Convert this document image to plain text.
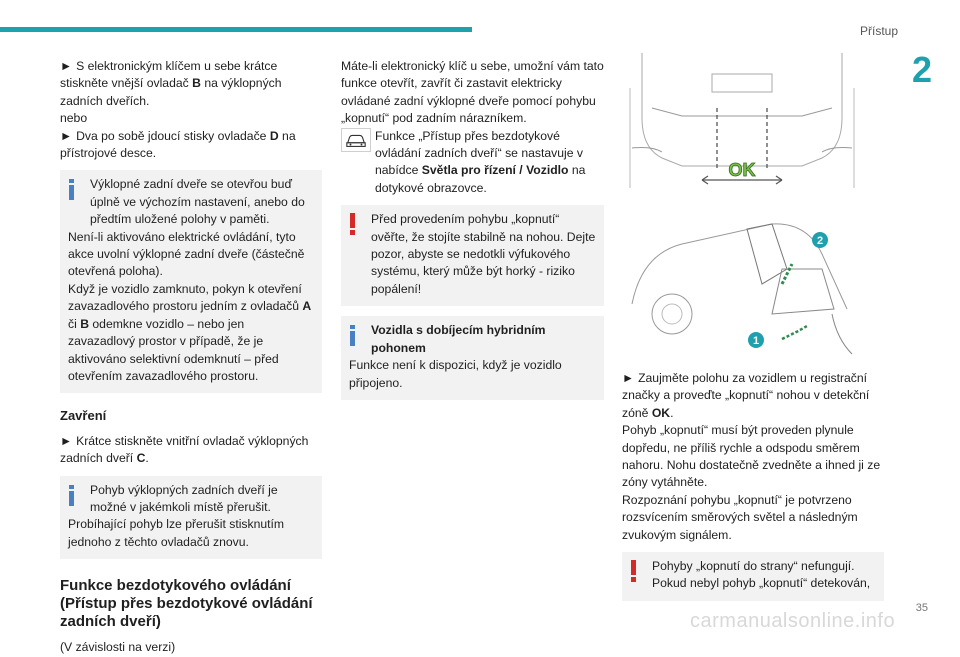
Přístup
2
► S elektronickým klíčem u sebe krátce stiskněte vnější ovladač B na výklopných zadních dveřích.
nebo
► Dva po sobě jdoucí stisky ovladače D na přístrojové desce.
Výklopné zadní dveře se otevřou buď úplně ve výchozím nastavení, anebo do předtím uložené polohy v paměti.
Není-li aktivováno elektrické ovládání, tyto akce uvolní výklopné zadní dveře (částečně otevřená poloha).
Když je vozidlo zamknuto, pokyn k otevření zavazadlového prostoru jedním z ovladačů A
či B odemkne vozidlo – nebo jen zavazadlový prostor v případě, že je aktivováno selektivní odemknutí – před otevřením zavazadlového prostoru.
Zavření
► Krátce stiskněte vnitřní ovladač výklopných zadních dveří C.
Pohyb výklopných zadních dveří je možné v jakémkoli místě přerušit.
Probíhající pohyb lze přerušit stisknutím jednoho z těchto ovladačů znovu.
Funkce bezdotykového ovládání (Přístup přes bezdotykové ovládání zadních dveří)
(V závislosti na verzi)
Máte-li elektronický klíč u sebe, umožní vám tato funkce otevřít, zavřít či zastavit elektricky ovládané zadní výklopné dveře pomocí pohybu „kopnutí“ pod zadním nárazníkem.
Funkce „Přístup přes bezdotykové ovládání zadních dveří“ se nastavuje v nabídce Světla pro řízení / Vozidlo na dotykové obrazovce.
Před provedením pohybu „kopnutí“ ověřte, že stojíte stabilně na nohou. Dejte pozor, abyste se nedotkli výfukového systému, který může být horký - riziko popálení!
Vozidla s dobíjecím hybridním pohonem
Funkce není k dispozici, když je vozidlo připojeno.
OK
2
1
► Zaujměte polohu za vozidlem u registrační značky a proveďte „kopnutí“ nohou v detekční zóně OK.
Pohyb „kopnutí“ musí být proveden plynule dopředu, ne příliš rychle a odspodu směrem nahoru. Nohu dostatečně zvedněte a ihned ji ze zóny vytáhněte.
Rozpoznání pohybu „kopnutí“ je potvrzeno rozsvícením směrových světel a následným zvukovým signálem.
Pohyby „kopnutí do strany“ nefungují. Pokud nebyl pohyb „kopnutí“ detekován,
35
carmanualsonline.info
